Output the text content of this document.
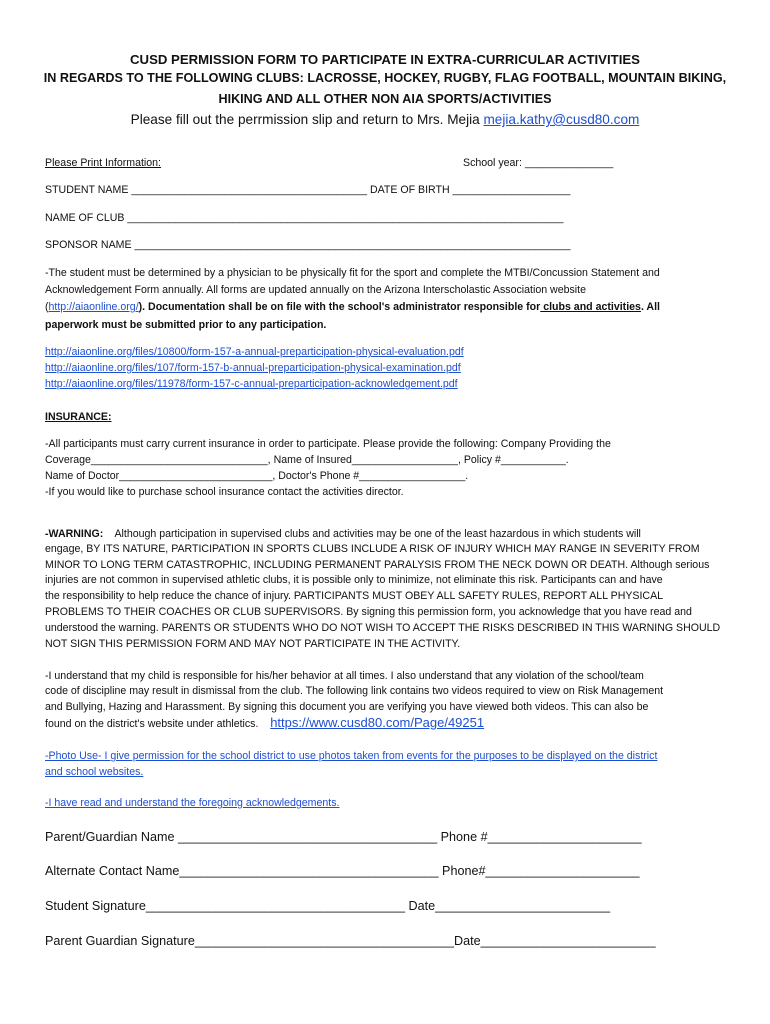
CUSD PERMISSION FORM TO PARTICIPATE IN EXTRA-CURRICULAR ACTIVITIES
IN REGARDS TO THE FOLLOWING CLUBS: LACROSSE, HOCKEY, RUGBY, FLAG FOOTBALL, MOUNTAIN BIKING,
HIKING AND ALL OTHER NON AIA SPORTS/ACTIVITIES
Please fill out the perrmission slip and return to Mrs. Mejia mejia.kathy@cusd80.com
Please Print Information:	School year: _______________
STUDENT NAME ________________________________________ DATE OF BIRTH ____________________
NAME OF CLUB __________________________________________________________________________
SPONSOR NAME __________________________________________________________________________
-The student must be determined by a physician to be physically fit for the sport and complete the MTBI/Concussion Statement and
Acknowledgement Form annually. All forms are updated annually on the Arizona Interscholastic Association website
(http://aiaonline.org/). Documentation shall be on file with the school's administrator responsible for clubs and activities. All
paperwork must be submitted prior to any participation.
http://aiaonline.org/files/10800/form-157-a-annual-preparticipation-physical-evaluation.pdf
http://aiaonline.org/files/107/form-157-b-annual-preparticipation-physical-examination.pdf
http://aiaonline.org/files/11978/form-157-c-annual-preparticipation-acknowledgement.pdf
INSURANCE:
-All participants must carry current insurance in order to participate. Please provide the following: Company Providing the
Coverage______________________________, Name of Insured__________________, Policy #___________.
Name of Doctor__________________________, Doctor's Phone #__________________.
-If you would like to purchase school insurance contact the activities director.
-WARNING:    Although participation in supervised clubs and activities may be one of the least hazardous in which students will
engage, BY ITS NATURE, PARTICIPATION IN SPORTS CLUBS INCLUDE A RISK OF INJURY WHICH MAY RANGE IN SEVERITY FROM
MINOR TO LONG TERM CATASTROPHIC, INCLUDING PERMANENT PARALYSIS FROM THE NECK DOWN OR DEATH. Although serious
injuries are not common in supervised athletic clubs, it is possible only to minimize, not eliminate this risk. Participants can and have
the responsibility to help reduce the chance of injury. PARTICIPANTS MUST OBEY ALL SAFETY RULES, REPORT ALL PHYSICAL
PROBLEMS TO THEIR COACHES OR CLUB SUPERVISORS. By signing this permission form, you acknowledge that you have read and
understood the warning. PARENTS OR STUDENTS WHO DO NOT WISH TO ACCEPT THE RISKS DESCRIBED IN THIS WARNING SHOULD
NOT SIGN THIS PERMISSION FORM AND MAY NOT PARTICIPATE IN THE ACTIVITY.
-I understand that my child is responsible for his/her behavior at all times. I also understand that any violation of the school/team
code of discipline may result in dismissal from the club. The following link contains two videos required to view on Risk Management
and Bullying, Hazing and Harassment. By signing this document you are verifying you have viewed both videos. This can also be
found on the district's website under athletics.    https://www.cusd80.com/Page/49251
-Photo Use- I give permission for the school district to use photos taken from events for the purposes to be displayed on the district
and school websites.
-I have read and understand the foregoing acknowledgements.
Parent/Guardian Name _____________________________________ Phone #______________________
Alternate Contact Name_____________________________________ Phone#______________________
Student Signature_____________________________________ Date_________________________
Parent Guardian Signature_____________________________________Date_________________________
